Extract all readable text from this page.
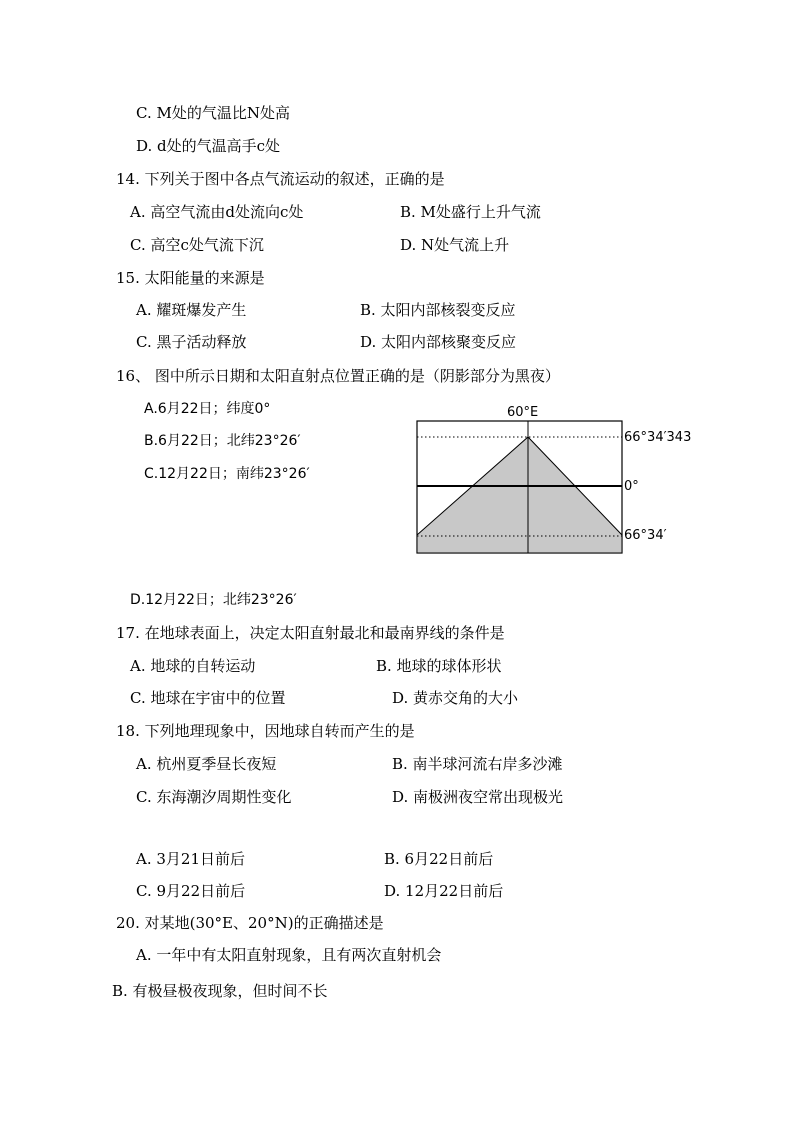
C. M处的气温比N处高
D. d处的气温高手c处
14. 下列关于图中各点气流运动的叙述，正确的是
A. 高空气流由d处流向c处	B. M处盛行上升气流
C. 高空c处气流下沉	D. N处气流上升
15. 太阳能量的来源是
A. 耀斑爆发产生	B. 太阳内部核裂变反应
C. 黑子活动释放	D. 太阳内部核聚变反应
16、 图中所示日期和太阳直射点位置正确的是（阴影部分为黑夜）
A.6月22日；纬度0°
B.6月22日；北纬23°26′
C.12月22日；南纬23°26′
60°E
66°34′343
0°
66°34′
D.12月22日；北纬23°26′
17. 在地球表面上，决定太阳直射最北和最南界线的条件是
A. 地球的自转运动	B. 地球的球体形状
C. 地球在宇宙中的位置	D. 黄赤交角的大小
18. 下列地理现象中，因地球自转而产生的是
A. 杭州夏季昼长夜短	B. 南半球河流右岸多沙滩
C. 东海潮汐周期性变化	D. 南极洲夜空常出现极光
A. 3月21日前后	B. 6月22日前后
C. 9月22日前后	D. 12月22日前后
20. 对某地(30°E、20°N)的正确描述是
A. 一年中有太阳直射现象，且有两次直射机会
B. 有极昼极夜现象，但时间不长
